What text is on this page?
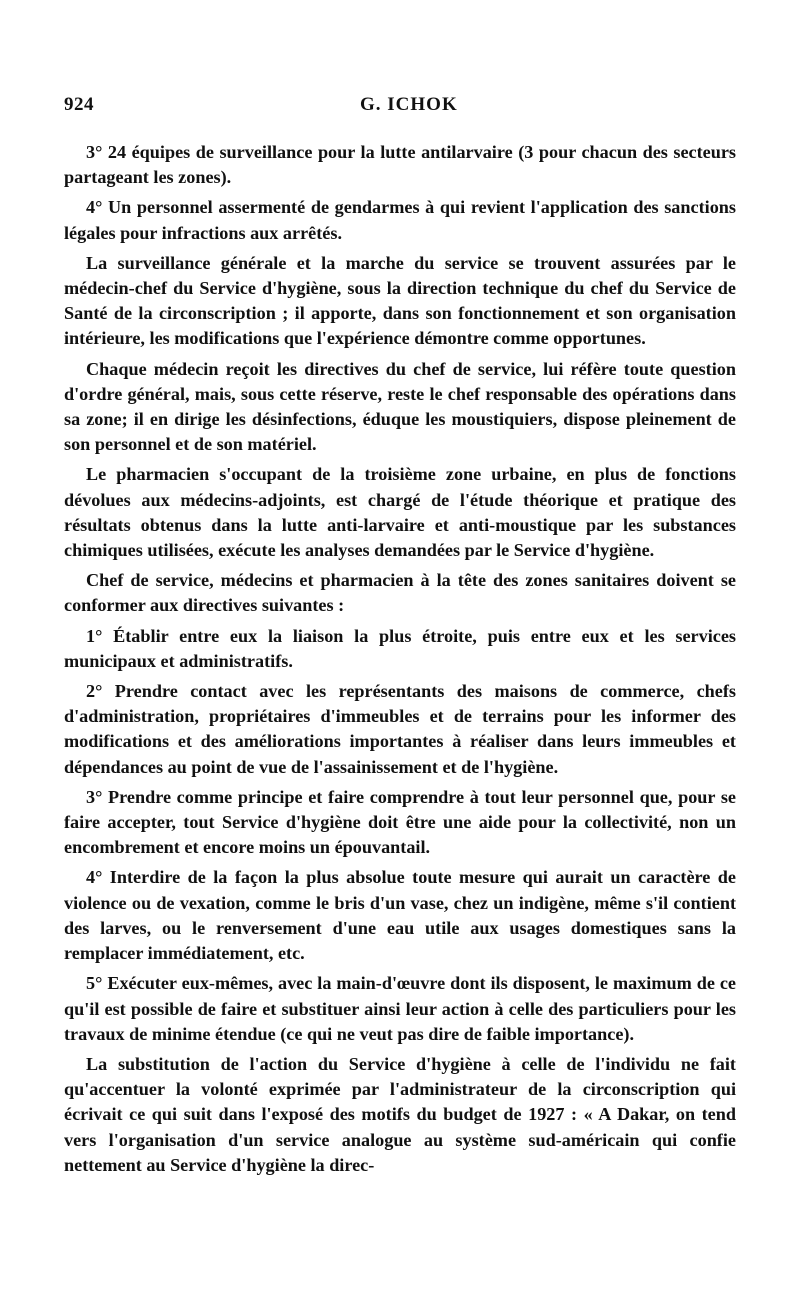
924	G. ICHOK

3° 24 équipes de surveillance pour la lutte antilarvaire (3 pour chacun des secteurs partageant les zones).

4° Un personnel assermenté de gendarmes à qui revient l'application des sanctions légales pour infractions aux arrêtés.

La surveillance générale et la marche du service se trouvent assurées par le médecin-chef du Service d'hygiène, sous la direction technique du chef du Service de Santé de la circonscription ; il apporte, dans son fonctionnement et son organisation intérieure, les modifications que l'expérience démontre comme opportunes.

Chaque médecin reçoit les directives du chef de service, lui réfère toute question d'ordre général, mais, sous cette réserve, reste le chef responsable des opérations dans sa zone; il en dirige les désinfections, éduque les moustiquiers, dispose pleinement de son personnel et de son matériel.

Le pharmacien s'occupant de la troisième zone urbaine, en plus de fonctions dévolues aux médecins-adjoints, est chargé de l'étude théorique et pratique des résultats obtenus dans la lutte anti-larvaire et anti-moustique par les substances chimiques utilisées, exécute les analyses demandées par le Service d'hygiène.

Chef de service, médecins et pharmacien à la tête des zones sanitaires doivent se conformer aux directives suivantes :

1° Établir entre eux la liaison la plus étroite, puis entre eux et les services municipaux et administratifs.

2° Prendre contact avec les représentants des maisons de commerce, chefs d'administration, propriétaires d'immeubles et de terrains pour les informer des modifications et des améliorations importantes à réaliser dans leurs immeubles et dépendances au point de vue de l'assainissement et de l'hygiène.

3° Prendre comme principe et faire comprendre à tout leur personnel que, pour se faire accepter, tout Service d'hygiène doit être une aide pour la collectivité, non un encombrement et encore moins un épouvantail.

4° Interdire de la façon la plus absolue toute mesure qui aurait un caractère de violence ou de vexation, comme le bris d'un vase, chez un indigène, même s'il contient des larves, ou le renversement d'une eau utile aux usages domestiques sans la remplacer immédiatement, etc.

5° Exécuter eux-mêmes, avec la main-d'œuvre dont ils disposent, le maximum de ce qu'il est possible de faire et substituer ainsi leur action à celle des particuliers pour les travaux de minime étendue (ce qui ne veut pas dire de faible importance).

La substitution de l'action du Service d'hygiène à celle de l'individu ne fait qu'accentuer la volonté exprimée par l'administrateur de la circonscription qui écrivait ce qui suit dans l'exposé des motifs du budget de 1927 : « A Dakar, on tend vers l'organisation d'un service analogue au système sud-américain qui confie nettement au Service d'hygiène la direc-
